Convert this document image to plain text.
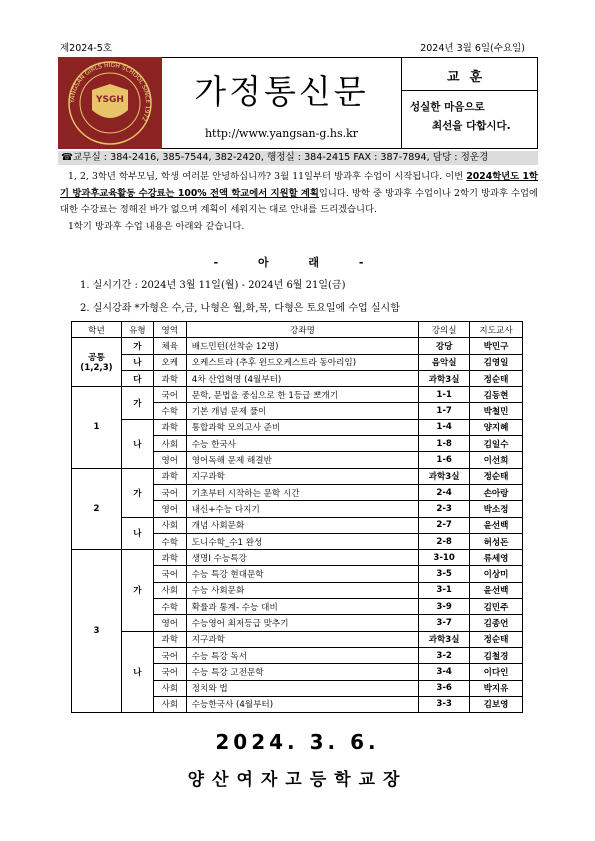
제2024-5호	2024년 3월 6일(수요일)
YANGSAN GIRLS HIGH SCHOOL SINCE 1972
YSGH	가정통신문
http://www.yangsan-g.hs.kr
교훈
성실한 마음으로
최선을 다합시다.
☎교무실 : 384-2416, 385-7544, 382-2420, 행정실 : 384-2415 FAX : 387-7894, 담당 : 정운경

1, 2, 3학년 학부모님, 학생 여러분 안녕하십니까? 3월 11일부터 방과후 수업이 시작됩니다. 이번 2024학년도 1학기 방과후교육활동 수강료는 100% 전액 학교에서 지원할 계획입니다. 방학 중 방과후 수업이나 2학기 방과후 수업에 대한 수강료는 정해진 바가 없으며 계획이 세워지는 대로 안내를 드리겠습니다.

1학기 방과후 수업 내용은 아래와 같습니다.

- 아 래 -
1. 실시기간 : 2024년 3월 11일(월) - 2024년 6월 21일(금)
2. 실시강좌 *가형은 수,금, 나형은 월,화,목, 다형은 토요일에 수업 실시함
학년	유형	영역	강좌명	강의실	지도교사

공통
(1,2,3)	가	체육	배드민턴(선착순 12명)	강당	박민구
	나	오케	오케스트라 (추후 윈드오케스트라 동아리임)	음악실	김영일
	다	과학	4차 산업혁명 (4월부터)	과학3실	정순태

1	가	국어	문학, 문법을 중심으로 한 1등급 뽀개기	1-1	김동현
		수학	기본 개념 문제 풀이	1-7	박철민
	나	과학	통합과학 모의고사 준비	1-4	양지혜
		사회	수능 한국사	1-8	김일수
		영어	영어독해 문제 해결반	1-6	이선희

2	가	과학	지구과학	과학3실	정순태
		국어	기초부터 시작하는 문학 시간	2-4	손아랑
		영어	내신+수능 다지기	2-3	박소정
	나	사회	개념 사회문화	2-7	윤선백
		수학	도니수학_수1 완성	2-8	허성돈

3	가	과학	생명Ⅰ 수능특강	3-10	류세영
		국어	수능 특강 현대문학	3-5	이상미
		사회	수능 사회문화	3-1	윤선백
		수학	확률과 통계- 수능 대비	3-9	김민주
		영어	수능영어 최저등급 맞추기	3-7	김종언
	나	과학	지구과학	과학3실	정순태
		국어	수능 특강 독서	3-2	김철경
		국어	수능 특강 고전문학	3-4	이다인
		사회	정치와 법	3-6	박지유
		사회	수능한국사 (4월부터)	3-3	김보영
2024. 3. 6.
양산여자고등학교장
